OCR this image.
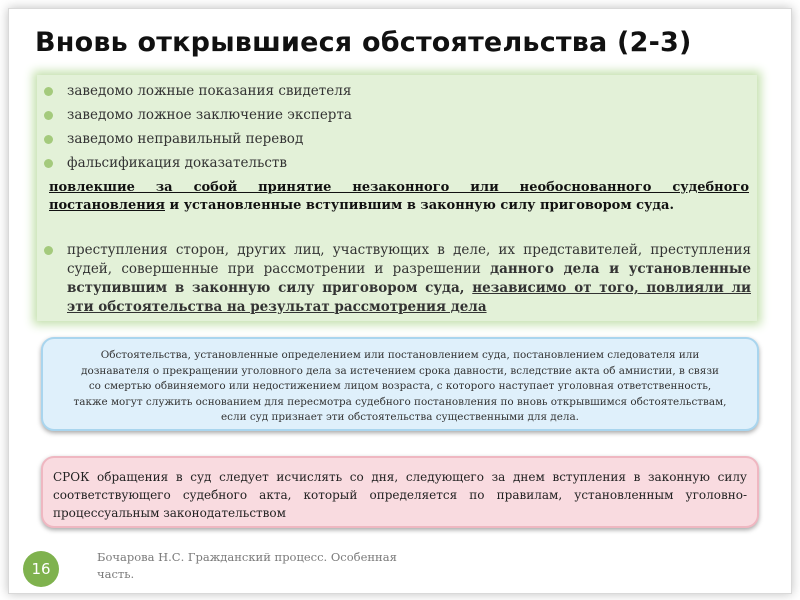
Вновь открывшиеся обстоятельства (2-3)
заведомо ложные показания свидетеля
заведомо ложное заключение эксперта
заведомо неправильный перевод
фальсификация доказательств
повлекшие за собой принятие незаконного или необоснованного судебного постановления и установленные вступившим в законную силу приговором суда.
преступления сторон, других лиц, участвующих в деле, их представителей, преступления судей, совершенные при рассмотрении и разрешении данного дела и установленные вступившим в законную силу приговором суда, независимо от того, повлияли ли эти обстоятельства на результат рассмотрения дела
Обстоятельства, установленные определением или постановлением суда, постановлением следователя или
дознавателя о прекращении уголовного дела за истечением срока давности, вследствие акта об амнистии, в связи
со смертью обвиняемого или недостижением лицом возраста, с которого наступает уголовная ответственность,
также могут служить основанием для пересмотра судебного постановления по вновь открывшимся обстоятельствам,
если суд признает эти обстоятельства существенными для дела.
СРОК обращения в суд следует исчислять со дня, следующего за днем вступления в законную силу соответствующего судебного акта, который определяется по правилам, установленным уголовно-процессуальным законодательством
16
Бочарова Н.С. Гражданский процесс. Особенная
часть.
